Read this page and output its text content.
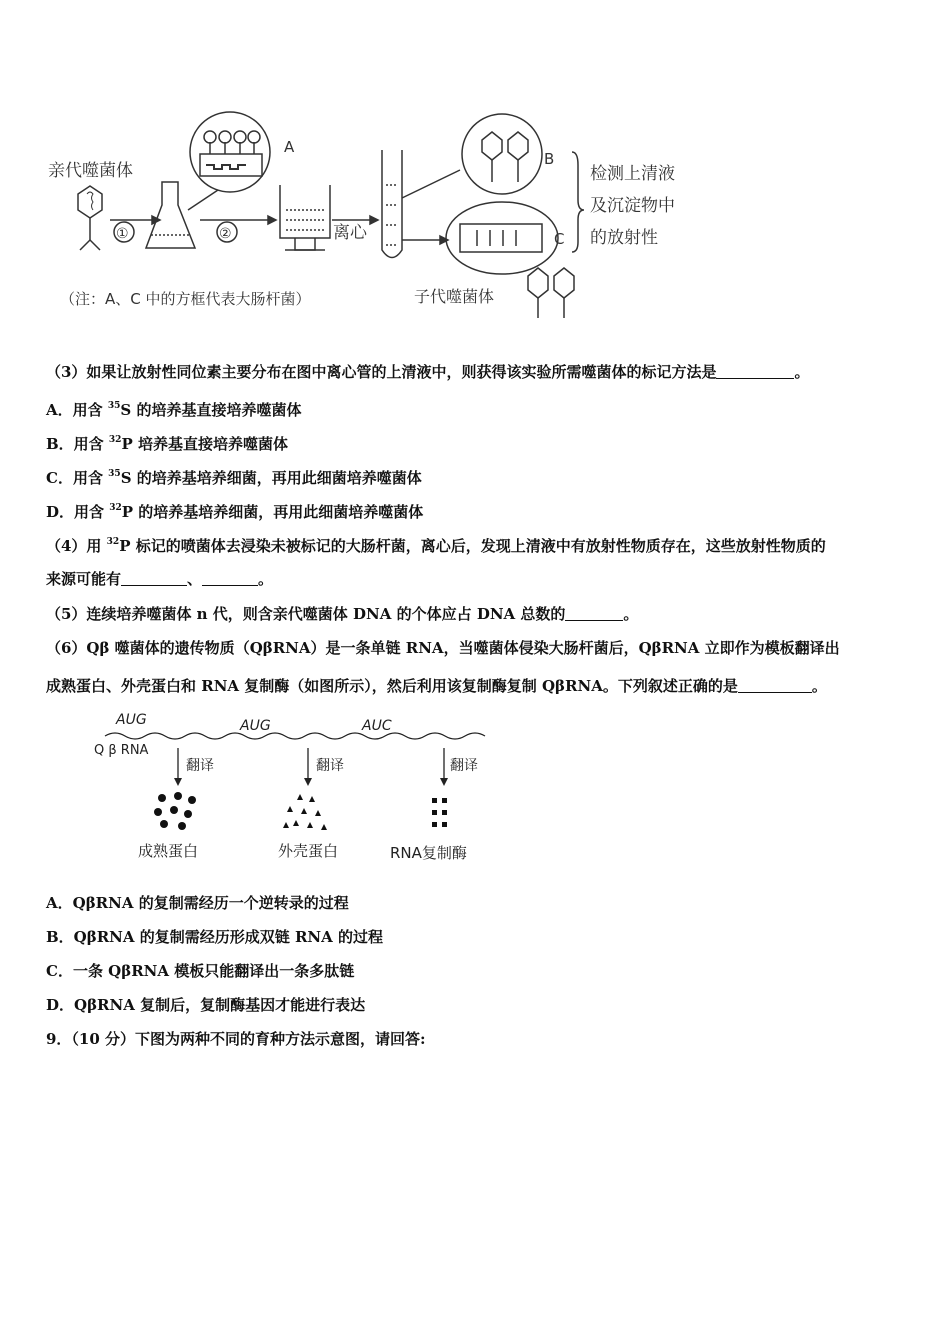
亲代噬菌体
①	②
A
离心
B
C
检测上清液
及沉淀物中
的放射性
子代噬菌体
（注：A、C 中的方框代表大肠杆菌）
（3）如果让放射性同位素主要分布在图中离心管的上清液中，则获得该实验所需噬菌体的标记方法是	。
A．用含 $^{35}$S 的培养基直接培养噬菌体
B．用含 $^{32}$P 培养基直接培养噬菌体
C．用含 $^{35}$S 的培养基培养细菌，再用此细菌培养噬菌体
D．用含 $^{32}$P 的培养基培养细菌，再用此细菌培养噬菌体
（4）用 $^{32}$P 标记的喷菌体去浸染未被标记的大肠杆菌，离心后，发现上清液中有放射性物质存在，这些放射性物质的
来源可能有	、	。
（5）连续培养噬菌体 n 代，则含亲代噬菌体 DNA 的个体应占 DNA 总数的	。
（6）Qβ 噬菌体的遗传物质（QβRNA）是一条单链 RNA，当噬菌体侵染大肠杆菌后，QβRNA 立即作为模板翻译出
成熟蛋白、外壳蛋白和 RNA 复制酶（如图所示），然后利用该复制酶复制 QβRNA。下列叙述正确的是	。
AUG	AUG	AUC
Q β RNA
翻译	翻译	翻译
成熟蛋白	外壳蛋白	RNA复制酶
A．QβRNA 的复制需经历一个逆转录的过程
B．QβRNA 的复制需经历形成双链 RNA 的过程
C．一条 QβRNA 模板只能翻译出一条多肽链
D．QβRNA 复制后，复制酶基因才能进行表达
9．（10 分）下图为两种不同的育种方法示意图，请回答:
